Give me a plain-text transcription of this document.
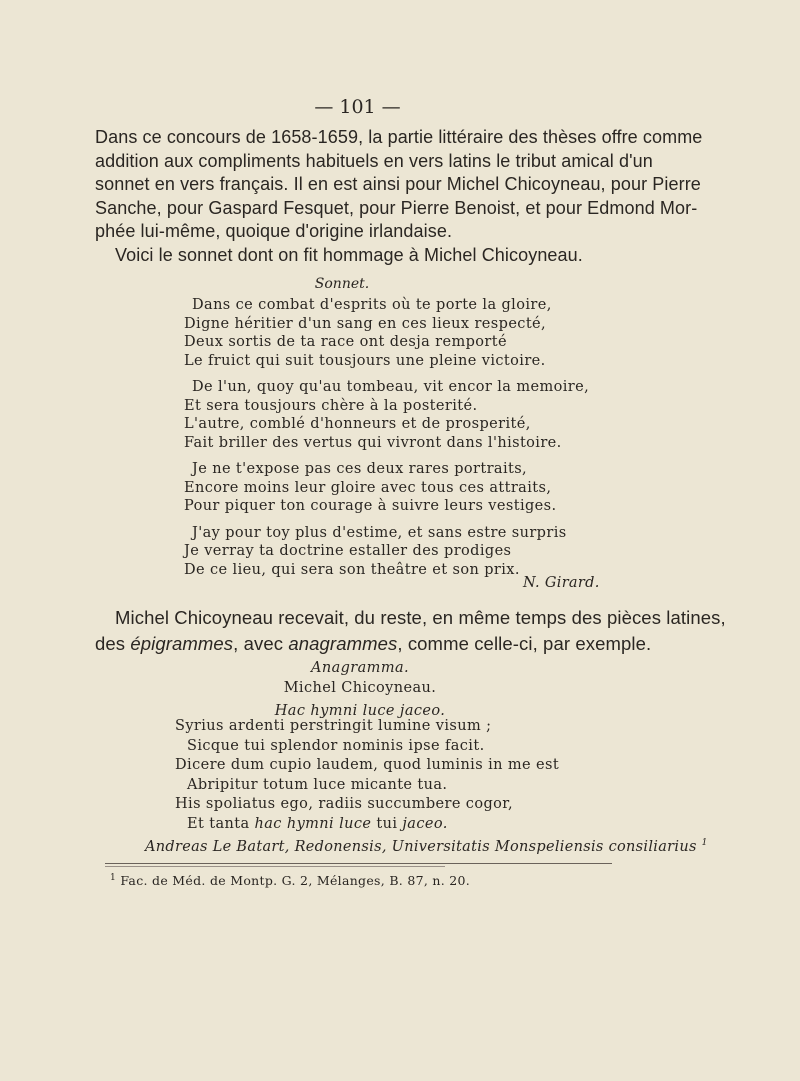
— 101 —
Dans ce concours de 1658-1659, la partie littéraire des thèses offre comme
addition aux compliments habituels en vers latins le tribut amical d'un
sonnet en vers français. Il en est ainsi pour Michel Chicoyneau, pour Pierre
Sanche, pour Gaspard Fesquet, pour Pierre Benoist, et pour Edmond Mor-
phée lui-même, quoique d'origine irlandaise.
Voici le sonnet dont on fit hommage à Michel Chicoyneau.
Sonnet.
Dans ce combat d'esprits où te porte la gloire,
Digne héritier d'un sang en ces lieux respecté,
Deux sortis de ta race ont desja remporté
Le fruict qui suit tousjours une pleine victoire.
De l'un, quoy qu'au tombeau, vit encor la memoire,
Et sera tousjours chère à la posterité.
L'autre, comblé d'honneurs et de prosperité,
Fait briller des vertus qui vivront dans l'histoire.
Je ne t'expose pas ces deux rares portraits,
Encore moins leur gloire avec tous ces attraits,
Pour piquer ton courage à suivre leurs vestiges.
J'ay pour toy plus d'estime, et sans estre surpris
Je verray ta doctrine estaller des prodiges
De ce lieu, qui sera son theâtre et son prix.
N. Girard.
Michel Chicoyneau recevait, du reste, en même temps des pièces latines,
des épigrammes, avec anagrammes, comme celle-ci, par exemple.
Anagramma.
Michel Chicoyneau.
Hac hymni luce jaceo.
Syrius ardenti perstringit lumine visum ;
Sicque tui splendor nominis ipse facit.
Dicere dum cupio laudem, quod luminis in me est
Abripitur totum luce micante tua.
His spoliatus ego, radiis succumbere cogor,
Et tanta hac hymni luce tui jaceo.
Andreas Le Batart, Redonensis, Universitatis Monspeliensis consiliarius $^1$
$^1$ Fac. de Méd. de Montp. G. 2, Mélanges, B. 87, n. 20.
